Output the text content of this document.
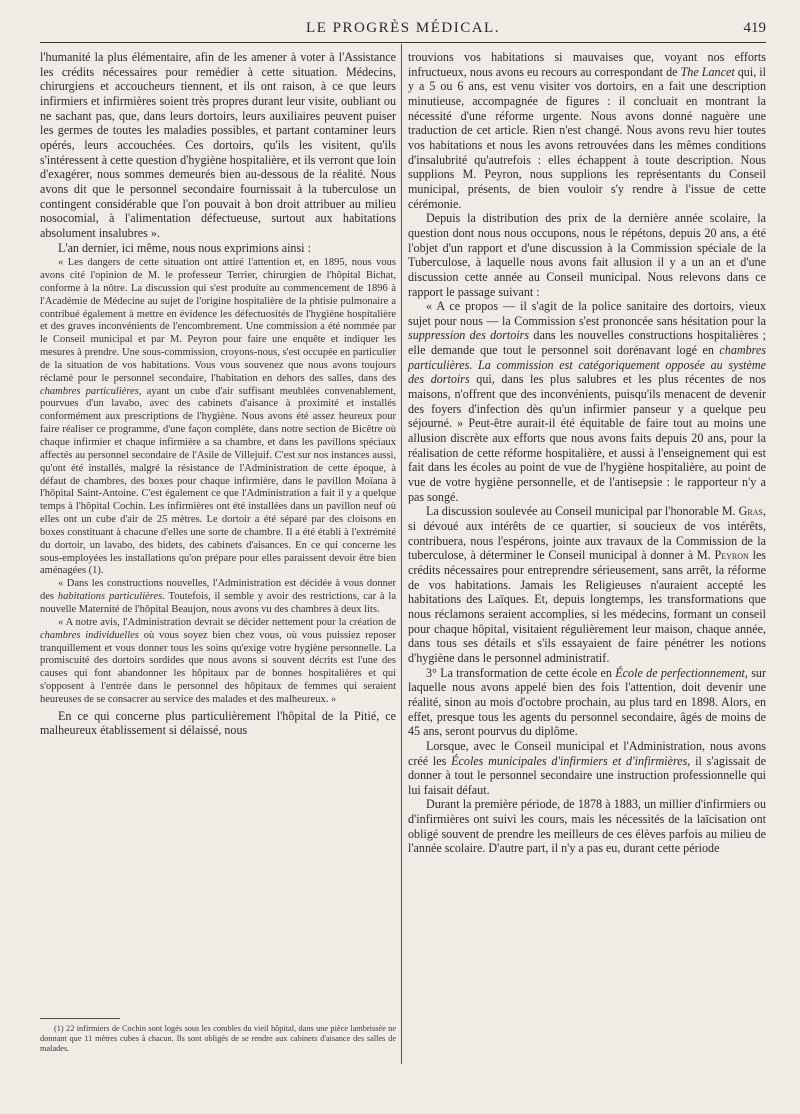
LE PROGRÈS MÉDICAL.	419

l'humanité la plus élémentaire, afin de les amener à voter à l'Assistance les crédits nécessaires pour remédier à cette situation. Médecins, chirurgiens et accoucheurs tiennent, et ils ont raison, à ce que leurs infirmiers et infirmières soient très propres durant leur visite, oubliant ou ne sachant pas, que, dans leurs dortoirs, leurs auxiliaires peuvent puiser les germes de toutes les maladies possibles, et partant contaminer leurs opérés, leurs accouchées. Ces dortoirs, qu'ils les visitent, qu'ils s'intéressent à cette question d'hygiène hospitalière, et ils verront que loin d'exagérer, nous sommes demeurés bien au-dessous de la réalité. Nous avons dit que le personnel secondaire fournissait à la tuberculose un contingent considérable que l'on pouvait à bon droit attribuer au milieu nosocomial, à l'alimentation défectueuse, surtout aux habitations absolument insalubres ».

L'an dernier, ici même, nous nous exprimions ainsi :

« Les dangers de cette situation ont attiré l'attention et, en 1895, nous vous avons cité l'opinion de M. le professeur Terrier, chirurgien de l'hôpital Bichat, conforme à la nôtre. La discussion qui s'est produite au commencement de 1896 à l'Académie de Médecine au sujet de l'origine hospitalière de la phtisie pulmonaire a contribué également à mettre en évidence les défectuosités de l'hygiène hospitalière et des graves inconvénients de l'encombrement. Une commission a été nommée par le Conseil municipal et par M. Peyron pour faire une enquête et indiquer les mesures à prendre. Une sous-commission, croyons-nous, s'est occupée en particulier de la situation de vos habitations. Vous vous souvenez que nous avons toujours réclamé pour le personnel secondaire, l'habitation en dehors des salles, dans des chambres particulières, ayant un cube d'air suffisant meublées convenablement, pourvues d'un lavabo, avec des cabinets d'aisance à proximité et installés conformément aux prescriptions de l'hygiène. Nous avons été assez heureux pour faire réaliser ce programme, d'une façon complète, dans notre section de Bicêtre où chaque infirmier et chaque infirmière a sa chambre, et dans les pavillons spéciaux affectés au personnel secondaire de l'Asile de Villejuif. C'est sur nos instances aussi, qu'ont été installés, malgré la résistance de l'Administration de cette époque, à défaut de chambres, des boxes pour chaque infirmière, dans le pavillon Moïana à l'hôpital Saint-Antoine. C'est également ce que l'Administration a fait il y a quelque temps à l'hôpital Cochin. Les infirmières ont été installées dans un pavillon neuf où elles ont un cube d'air de 25 mètres. Le dortoir a été séparé par des cloisons en boxes constituant à chacune d'elles une sorte de chambre. Il a été établi à l'extrémité du dortoir, un lavabo, des bidets, des cabinets d'aisances. En ce qui concerne les sous-employées les installations qu'on prépare pour elles paraissent devoir être bien aménagées (1).

« Dans les constructions nouvelles, l'Administration est décidée à vous donner des habitations particulières. Toutefois, il semble y avoir des restrictions, car à la nouvelle Maternité de l'hôpital Beaujon, nous avons vu des chambres à deux lits.

« A notre avis, l'Administration devrait se décider nettement pour la création de chambres individuelles où vous soyez bien chez vous, où vous puissiez reposer tranquillement et vous donner tous les soins qu'exige votre hygiène personnelle. La promiscuité des dortoirs sordides que nous avons si souvent décrits est l'une des causes qui font abandonner les hôpitaux par de bonnes hospitalières et qui s'opposent à l'entrée dans le personnel des hôpitaux de femmes qui seraient heureuses de se consacrer au service des malades et des malheureux. »

En ce qui concerne plus particulièrement l'hôpital de la Pitié, ce malheureux établissement si délaissé, nous

trouvions vos habitations si mauvaises que, voyant nos efforts infructueux, nous avons eu recours au correspondant de The Lancet qui, il y a 5 ou 6 ans, est venu visiter vos dortoirs, en a fait une description minutieuse, accompagnée de figures : il concluait en montrant la nécessité d'une réforme urgente. Nous avons donné naguère une traduction de cet article. Rien n'est changé. Nous avons revu hier toutes vos habitations et nous les avons retrouvées dans les mêmes conditions d'insalubrité qu'autrefois : elles échappent à toute description. Nous supplions M. Peyron, nous supplions les représentants du Conseil municipal, présents, de bien vouloir s'y rendre à l'issue de cette cérémonie.

Depuis la distribution des prix de la dernière année scolaire, la question dont nous nous occupons, nous le répétons, depuis 20 ans, a été l'objet d'un rapport et d'une discussion à la Commission spéciale de la Tuberculose, à laquelle nous avons fait allusion il y a un an et d'une discussion cette année au Conseil municipal. Nous relevons dans ce rapport le passage suivant :

« A ce propos — il s'agit de la police sanitaire des dortoirs, vieux sujet pour nous — la Commission s'est prononcée sans hésitation pour la suppression des dortoirs dans les nouvelles constructions hospitalières ; elle demande que tout le personnel soit dorénavant logé en chambres particulières. La commission est catégoriquement opposée au système des dortoirs qui, dans les plus salubres et les plus récentes de nos maisons, n'offrent que des inconvénients, puisqu'ils menacent de devenir des foyers d'infection dès qu'un infirmier panseur y a quelque peu séjourné. » Peut-être aurait-il été équitable de faire tout au moins une allusion discrète aux efforts que nous avons faits depuis 20 ans, pour la réalisation de cette réforme hospitalière, et aussi à l'enseignement qui est fait dans les écoles au point de vue de l'hygiène hospitalière, au point de vue de votre hygiène personnelle, et de l'antisepsie : le rapporteur n'y a pas songé.

La discussion soulevée au Conseil municipal par l'honorable M. Gras, si dévoué aux intérêts de ce quartier, si soucieux de vos intérêts, contribuera, nous l'espérons, jointe aux travaux de la Commission de la tuberculose, à déterminer le Conseil municipal à donner à M. Peyron les crédits nécessaires pour entreprendre sérieusement, sans arrêt, la réforme de vos habitations. Jamais les Religieuses n'auraient accepté les habitations des Laïques. Et, depuis longtemps, les transformations que nous réclamons seraient accomplies, si les médecins, formant un conseil pour chaque hôpital, visitaient régulièrement leur maison, chaque année, dans tous ses détails et s'ils essayaient de faire pénétrer les notions d'hygiène dans le personnel administratif.

3° La transformation de cette école en École de perfectionnement, sur laquelle nous avons appelé bien des fois l'attention, doit devenir une réalité, sinon au mois d'octobre prochain, au plus tard en 1898. Alors, en effet, presque tous les agents du personnel secondaire, âgés de moins de 45 ans, seront pourvus du diplôme.

Lorsque, avec le Conseil municipal et l'Administration, nous avons créé les Écoles municipales d'infirmiers et d'infirmières, il s'agissait de donner à tout le personnel secondaire une instruction professionnelle qui lui faisait défaut.

Durant la première période, de 1878 à 1883, un millier d'infirmiers ou d'infirmières ont suivi les cours, mais les nécessités de la laïcisation ont obligé souvent de prendre les meilleurs de ces élèves parfois au milieu de l'année scolaire. D'autre part, il n'y a pas eu, durant cette période

(1) 22 infirmiers de Cochin sont logés sous les combles du vieil hôpital, dans une pièce lambrissée ne donnant que 11 mètres cubes à chacun. Ils sont obligés de se rendre aux cabinets d'aisance des salles de malades.
